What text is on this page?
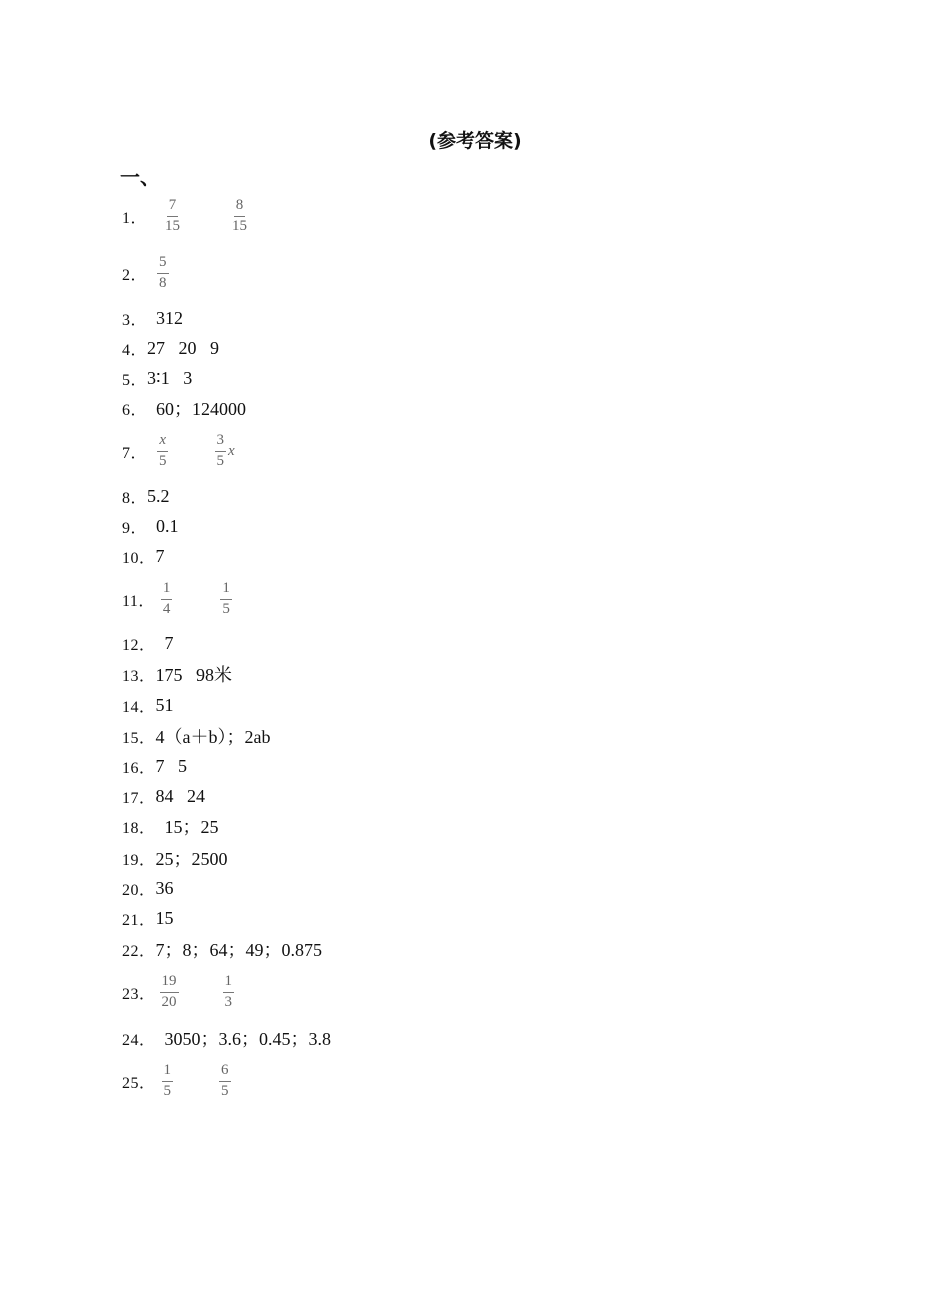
(参考答案)
一、
1． $\frac{7}{15}$	$\frac{8}{15}$
2． $\frac{5}{8}$
3． 312
4． 27   20   9
5． 3∶1   3
6． 60；124000
7． $\frac{x}{5}$	$\frac{3}{5}$ x
8． 5.2
9． 0.1
10． 7
11． $\frac{1}{4}$	$\frac{1}{5}$
12． 7
13． 175   98米
14． 51
15． 4（a＋b）；2ab
16． 7   5
17． 84   24
18． 15；25
19． 25；2500
20． 36
21． 15
22． 7；8；64；49；0.875
23． $\frac{19}{20}$	$\frac{1}{3}$
24． 3050；3.6；0.45；3.8
25． $\frac{1}{5}$	$\frac{6}{5}$
